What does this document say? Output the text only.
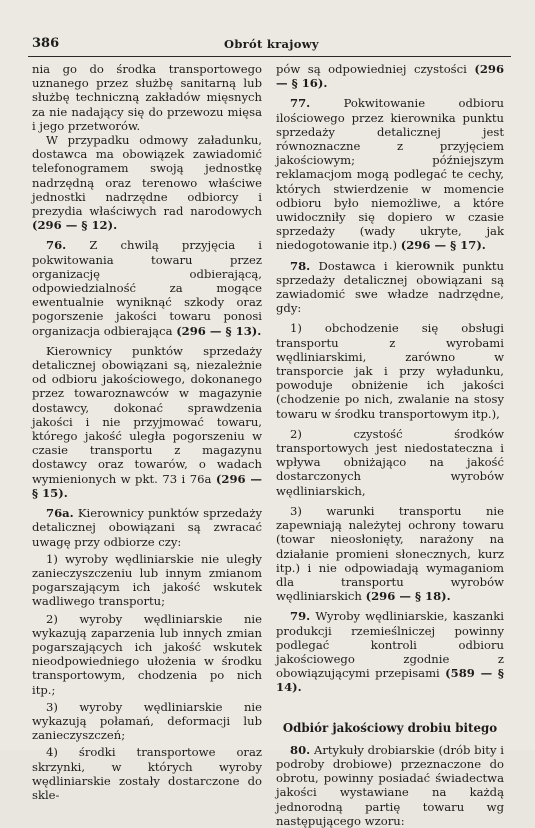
386	Obrót krajowy

nia go do środka transportowego uznanego przez służbę sanitarną lub służbę techniczną zakładów mięsnych za nie nadający się do przewozu mięsa i jego przetworów.

W przypadku odmowy załadunku, dostawca ma obowiązek zawiadomić telefonogramem swoją jednostkę nadrzędną oraz terenowo właściwe jednostki nadrzędne odbiorcy i prezydia właściwych rad narodowych (296 — § 12).

76. Z chwilą przyjęcia i pokwitowania towaru przez organizację odbierającą, odpowiedzialność za mogące ewentualnie wyniknąć szkody oraz pogorszenie jakości towaru ponosi organizacja odbierająca (296 — § 13).

Kierownicy punktów sprzedaży detalicznej obowiązani są, niezależnie od odbioru jakościowego, dokonanego przez towaroznawców w magazynie dostawcy, dokonać sprawdzenia jakości i nie przyjmować towaru, którego jakość uległa pogorszeniu w czasie transportu z magazynu dostawcy oraz towarów, o wadach wymienionych w pkt. 73 i 76a (296 — § 15).

76a. Kierownicy punktów sprzedaży detalicznej obowiązani są zwracać uwagę przy odbiorze czy:

1) wyroby wędliniarskie nie uległy zanieczyszczeniu lub innym zmianom pogarszającym ich jakość wskutek wadliwego transportu;

2) wyroby wędliniarskie nie wykazują zaparzenia lub innych zmian pogarszających ich jakość wskutek nieodpowiedniego ułożenia w środku transportowym, chodzenia po nich itp.;

3) wyroby wędliniarskie nie wykazują połamań, deformacji lub zanieczyszczeń;

4) środki transportowe oraz skrzynki, w których wyroby wędliniarskie zostały dostarczone do skle-

pów są odpowiedniej czystości (296 — § 16).

77.	Pokwitowanie odbioru ilościowego przez kierownika punktu sprzedaży detalicznej jest równoznaczne z przyjęciem jakościowym; późniejszym reklamacjom mogą podlegać te cechy, których stwierdzenie w momencie odbioru było niemożliwe, a które uwidoczniły się dopiero w czasie sprzedaży (wady ukryte, jak niedogotowanie itp.) (296 — § 17).

78. Dostawca i kierownik punktu sprzedaży detalicznej obowiązani są zawiadomić swe władze nadrzędne, gdy:

1) obchodzenie się obsługi transportu z wyrobami wędliniarskimi, zarówno w transporcie jak i przy wyładunku, powoduje obniżenie ich jakości (chodzenie po nich, zwalanie na stosy towaru w środku transportowym itp.),

2) czystość środków transportowych jest niedostateczna i wpływa obniżająco na jakość dostarczonych wyrobów wędliniarskich,

3) warunki transportu nie zapewniają należytej ochrony towaru (towar nieosłonięty, narażony na działanie promieni słonecznych, kurz itp.) i nie odpowiadają wymaganiom dla transportu wyrobów wędliniarskich (296 — § 18).

79. Wyroby wędliniarskie, kaszanki produkcji rzemieślniczej powinny podlegać kontroli odbioru jakościowego zgodnie z obowiązującymi przepisami (589 — § 14).

Odbiór jakościowy drobiu bitego

80. Artykuły drobiarskie (drób bity i podroby drobiowe) przeznaczone do obrotu, powinny posiadać świadectwa jakości wystawiane na każdą jednorodną partię towaru wg następującego wzoru:
